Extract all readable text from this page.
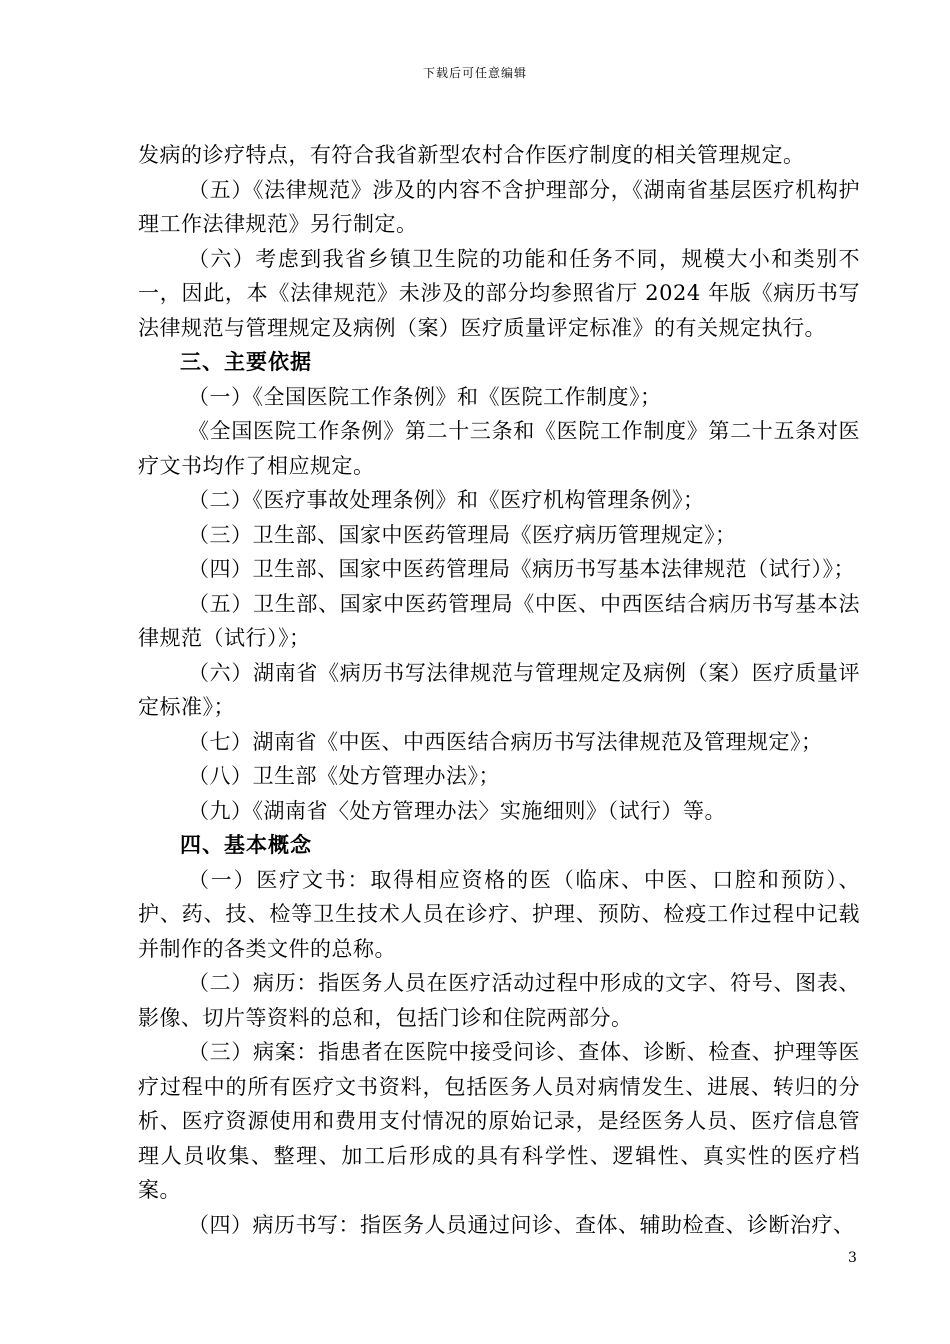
下载后可任意编辑

发病的诊疗特点，有符合我省新型农村合作医疗制度的相关管理规定。

（五）《法律规范》涉及的内容不含护理部分，《湖南省基层医疗机构护理工作法律规范》另行制定。

（六）考虑到我省乡镇卫生院的功能和任务不同，规模大小和类别不一，因此，本《法律规范》未涉及的部分均参照省厅 2024 年版《病历书写法律规范与管理规定及病例（案）医疗质量评定标准》的有关规定执行。

三、主要依据

（一）《全国医院工作条例》和《医院工作制度》；

《全国医院工作条例》第二十三条和《医院工作制度》第二十五条对医疗文书均作了相应规定。

（二）《医疗事故处理条例》和《医疗机构管理条例》；

（三）卫生部、国家中医药管理局《医疗病历管理规定》；

（四）卫生部、国家中医药管理局《病历书写基本法律规范（试行）》；

（五）卫生部、国家中医药管理局《中医、中西医结合病历书写基本法律规范（试行）》；

（六）湖南省《病历书写法律规范与管理规定及病例（案）医疗质量评定标准》；

（七）湖南省《中医、中西医结合病历书写法律规范及管理规定》；

（八）卫生部《处方管理办法》；

（九）《湖南省〈处方管理办法〉实施细则》（试行）等。

四、基本概念

（一）医疗文书：取得相应资格的医（临床、中医、口腔和预防）、护、药、技、检等卫生技术人员在诊疗、护理、预防、检疫工作过程中记载并制作的各类文件的总称。

（二）病历：指医务人员在医疗活动过程中形成的文字、符号、图表、影像、切片等资料的总和，包括门诊和住院两部分。

（三）病案：指患者在医院中接受问诊、查体、诊断、检查、护理等医疗过程中的所有医疗文书资料，包括医务人员对病情发生、进展、转归的分析、医疗资源使用和费用支付情况的原始记录，是经医务人员、医疗信息管理人员收集、整理、加工后形成的具有科学性、逻辑性、真实性的医疗档案。

（四）病历书写：指医务人员通过问诊、查体、辅助检查、诊断治疗、

3
